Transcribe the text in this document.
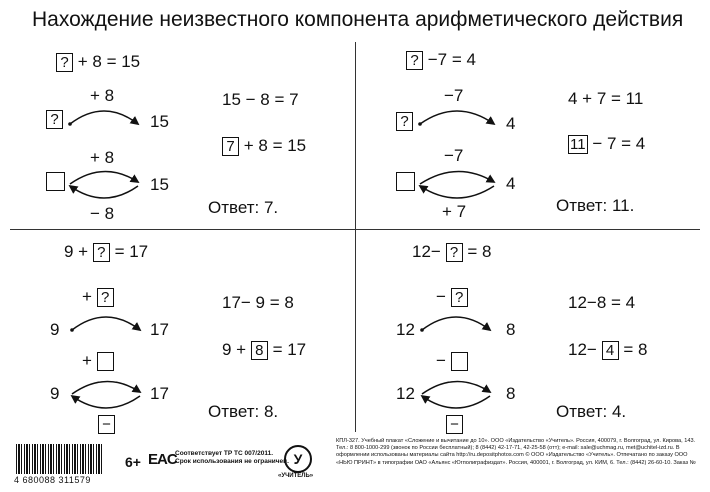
Нахождение неизвестного компонента арифметического действия
? + 8 = 15
+ 8
?	15
+ 8
15
− 8
15 − 8 = 7
7 + 8 = 15
Ответ: 7.
? −7 = 4
−7
?	4
−7
4
+ 7
4 + 7 = 11
11 − 7 = 4
Ответ: 11.
9 + ? = 17
+ ?
9	17
+
9	17
−
17− 9 = 8
9 + 8 = 17
Ответ: 8.
12− ? = 8
− ?
12	8
−
12	8
−
12−8 = 4
12− 4 = 8
Ответ: 4.
4 680088 311579
6+ EAC
Соответствует ТР ТС 007/2011.
Срок использования не ограничен. У
«УЧИТЕЛЬ»
КПЛ-327. Учебный плакат «Сложение и вычитание до 10». ООО «Издательство «Учитель». Россия, 400079, г. Волгоград, ул. Кирова, 143. Тел.: 8 800-1000-299 (звонок по России бесплатный); 8 (8442) 42-17-71, 42-25-58 (отт); e-mail: sale@uchmag.ru, met@uchitel-izd.ru. В оформлении использованы материалы сайта http://ru.depositphotos.com © ООО «Издательство «Учитель». Отпечатано по заказу ООО «НЬЮ ПРИНТ» в типографии ОАО «Альянс «Югполиграфиздат». Россия, 400001, г. Волгоград, ул. КИМ, 6. Тел.: (8442) 26-60-10. Заказ №
